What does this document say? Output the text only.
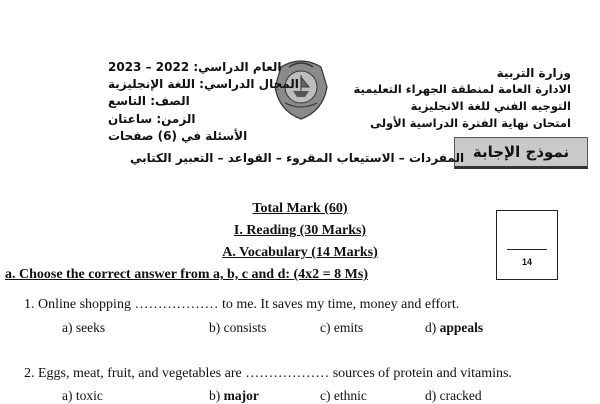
وزارة التربية
الادارة العامة لمنطقة الجهراء التعليمية
التوجيه الفني للغة الانجليزية
امتحان نهاية الفترة الدراسية الأولى
العام الدراسي: 2022 – 2023
المجال الدراسي: اللغة الإنجليزية
الصف: التاسع
الزمن: ساعتان
الأسئلة في (6) صفحات
نموذج الإجابة
المفردات – الاستيعاب المقروء – القواعد – التعبير الكتابي
Total Mark (60)
I. Reading (30 Marks)
A. Vocabulary (14 Marks)
14
a. Choose the correct answer from a, b, c and d: (4x2 = 8 Ms)
1. Online shopping ……………… to me. It saves my time, money and effort.
a) seeks	b) consists	c) emits	d) appeals
2. Eggs, meat, fruit, and vegetables are ……………… sources of protein and vitamins.
a) toxic	b) major	c) ethnic	d) cracked
